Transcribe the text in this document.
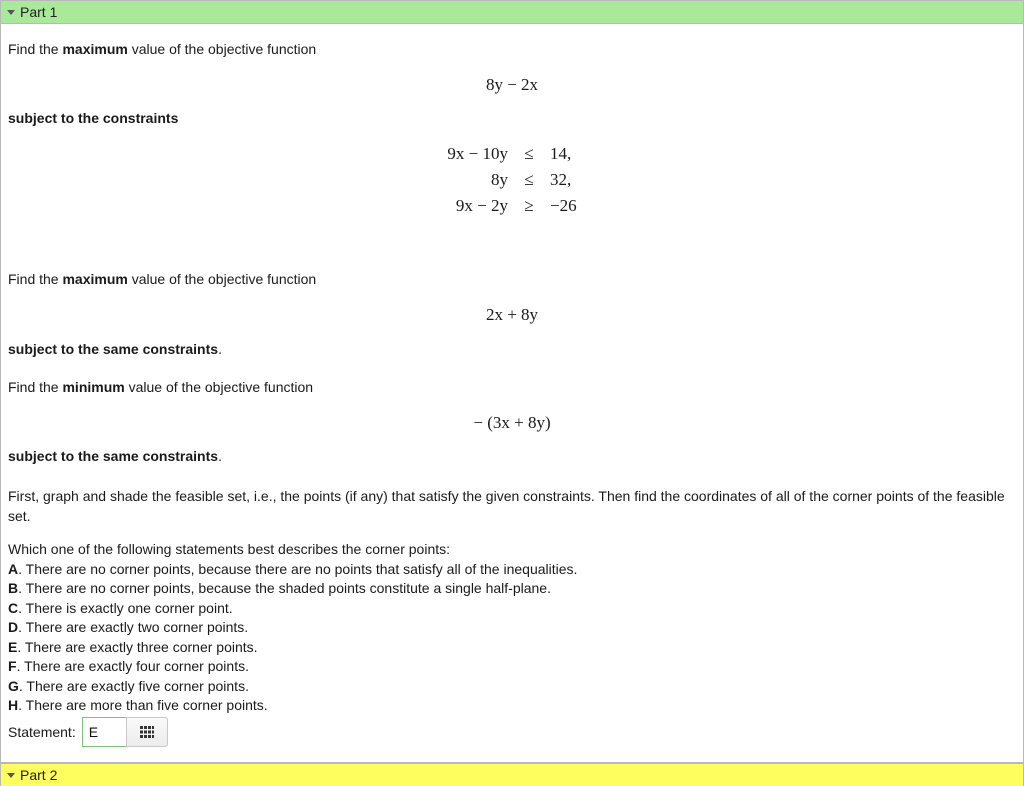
Part 1
Find the maximum value of the objective function
8y − 2x
subject to the constraints
9x − 10y	≤	14,
8y	≤	32,
9x − 2y	≥	−26
Find the maximum value of the objective function
2x + 8y
subject to the same constraints.
Find the minimum value of the objective function
− (3x + 8y)
subject to the same constraints.
First, graph and shade the feasible set, i.e., the points (if any) that satisfy the given constraints. Then find the coordinates of all of the corner points of the feasible set.
Which one of the following statements best describes the corner points:
A. There are no corner points, because there are no points that satisfy all of the inequalities.
B. There are no corner points, because the shaded points constitute a single half-plane.
C. There is exactly one corner point.
D. There are exactly two corner points.
E. There are exactly three corner points.
F. There are exactly four corner points.
G. There are exactly five corner points.
H. There are more than five corner points.
Statement:
E
Part 2
